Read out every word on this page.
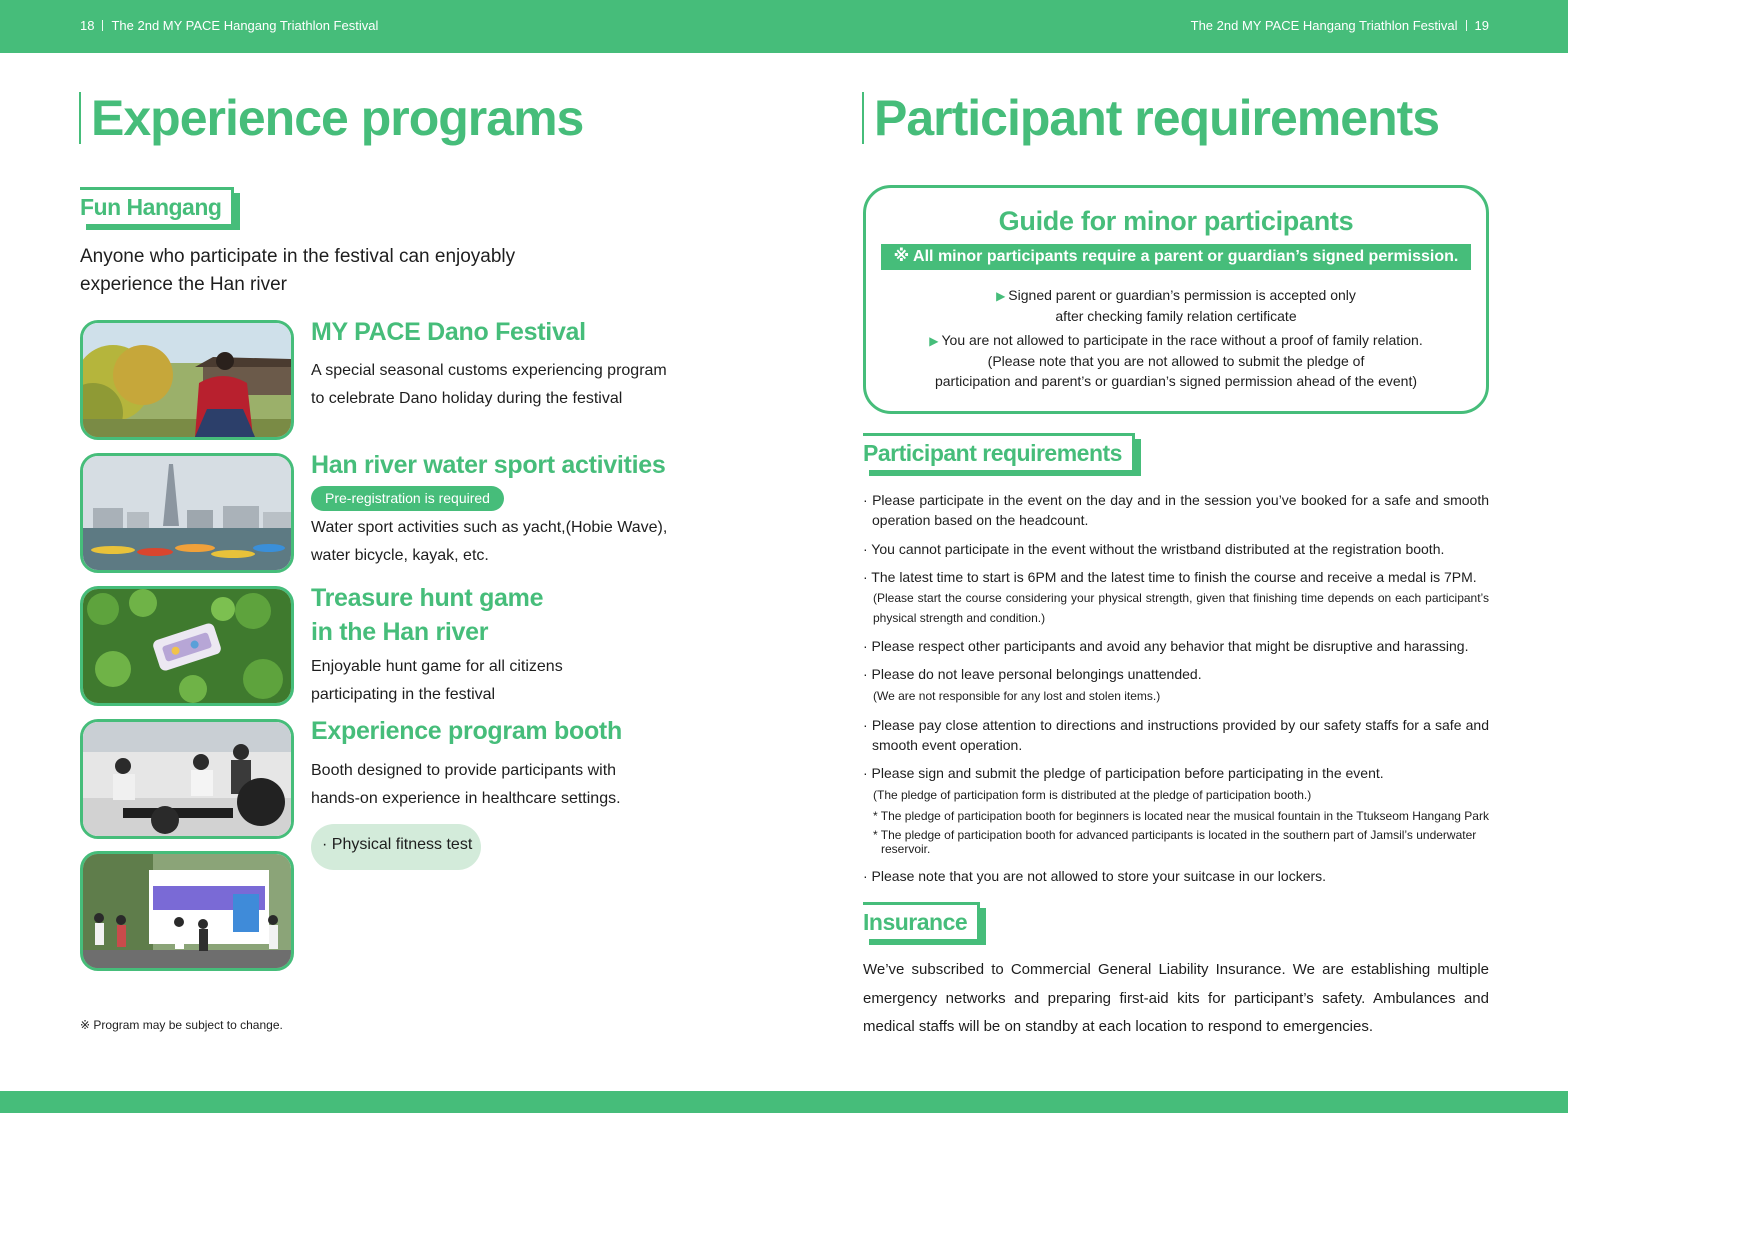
18 The 2nd MY PACE Hangang Triathlon Festival	The 2nd MY PACE Hangang Triathlon Festival 19
Experience programs
Fun Hangang
Anyone who participate in the festival can enjoyably experience the Han river
MY PACE Dano Festival
A special seasonal customs experiencing program
to celebrate Dano holiday during the festival
Han river water sport activities
Pre-registration is required
Water sport activities such as yacht,(Hobie Wave),
water bicycle, kayak, etc.
Treasure hunt game
in the Han river
Enjoyable hunt game for all citizens
participating in the festival
Experience program booth
Booth designed to provide participants with
hands-on experience in healthcare settings.
· Physical fitness test
※ Program may be subject to change.
Participant requirements
Guide for minor participants
※ All minor participants require a parent or guardian’s signed permission.
▶ Signed parent or guardian’s permission is accepted only
after checking family relation certificate
▶ You are not allowed to participate in the race without a proof of family relation.
(Please note that you are not allowed to submit the pledge of
participation and parent’s or guardian’s signed permission ahead of the event)
Participant requirements
· Please participate in the event on the day and in the session you’ve booked for a safe and smooth operation based on the headcount.
· You cannot participate in the event without the wristband distributed at the registration booth.
· The latest time to start is 6PM and the latest time to finish the course and receive a medal is 7PM.
(Please start the course considering your physical strength, given that finishing time depends on each participant’s physical strength and condition.)
· Please respect other participants and avoid any behavior that might be disruptive and harassing.
· Please do not leave personal belongings unattended.
(We are not responsible for any lost and stolen items.)
· Please pay close attention to directions and instructions provided by our safety staffs for a safe and smooth event operation.
· Please sign and submit the pledge of participation before participating in the event.
(The pledge of participation form is distributed at the pledge of participation booth.)
* The pledge of participation booth for beginners is located near the musical fountain in the Ttukseom Hangang Park
* The pledge of participation booth for advanced participants is located in the southern part of Jamsil’s underwater reservoir.
· Please note that you are not allowed to store your suitcase in our lockers.
Insurance
We’ve subscribed to Commercial General Liability Insurance. We are establishing multiple emergency networks and preparing first-aid kits for participant’s safety. Ambulances and medical staffs will be on standby at each location to respond to emergencies.
